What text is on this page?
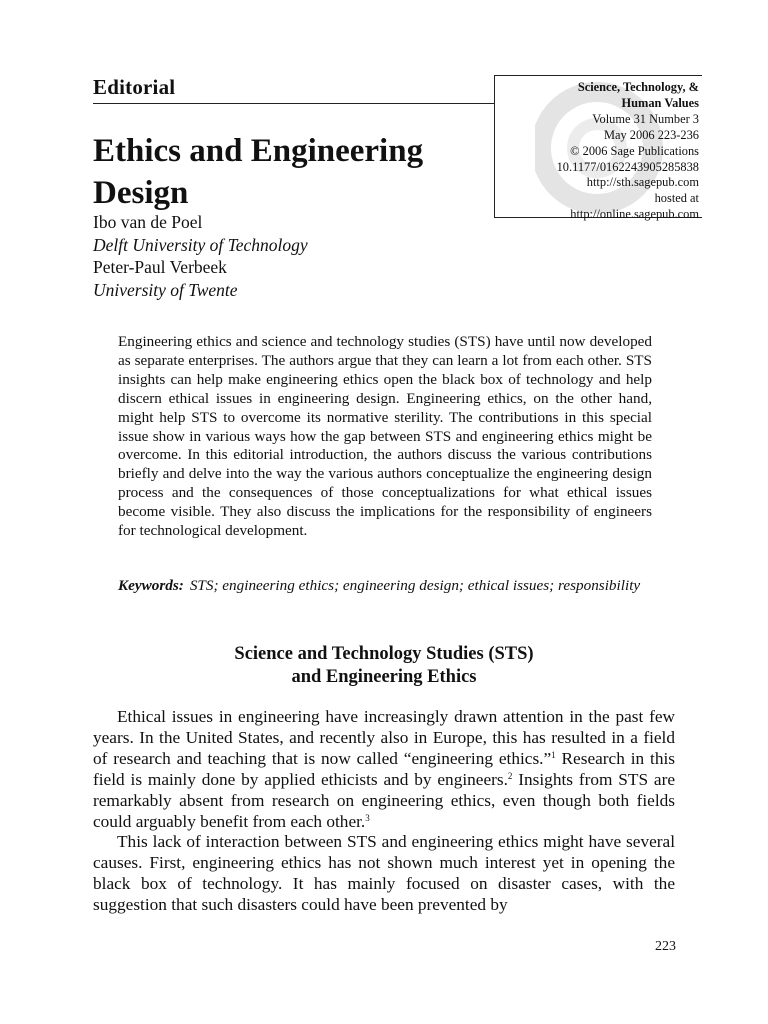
Editorial	Science, Technology, &
Human Values
Volume 31 Number 3
May 2006 223-236
© 2006 Sage Publications
10.1177/0162243905285838
http://sth.sagepub.com
hosted at
http://online.sagepub.com
Ethics and Engineering Design
Ibo van de Poel
Delft University of Technology
Peter-Paul Verbeek
University of Twente

Engineering ethics and science and technology studies (STS) have until now developed as separate enterprises. The authors argue that they can learn a lot from each other. STS insights can help make engineering ethics open the black box of technology and help discern ethical issues in engineering design. Engineering ethics, on the other hand, might help STS to overcome its normative sterility. The contributions in this special issue show in various ways how the gap between STS and engineering ethics might be overcome. In this editorial introduction, the authors discuss the various contributions briefly and delve into the way the various authors conceptualize the engineering design process and the consequences of those conceptualizations for what ethical issues become visible. They also discuss the implications for the responsibility of engineers for technological development.

Keywords: STS; engineering ethics; engineering design; ethical issues; responsibility

Science and Technology Studies (STS)
and Engineering Ethics

Ethical issues in engineering have increasingly drawn attention in the past few years. In the United States, and recently also in Europe, this has resulted in a field of research and teaching that is now called “engineering ethics.”$^1$ Research in this field is mainly done by applied ethicists and by engineers.$^2$ Insights from STS are remarkably absent from research on engineering ethics, even though both fields could arguably benefit from each other.$^3$

This lack of interaction between STS and engineering ethics might have several causes. First, engineering ethics has not shown much interest yet in opening the black box of technology. It has mainly focused on disaster cases, with the suggestion that such disasters could have been prevented by

223
